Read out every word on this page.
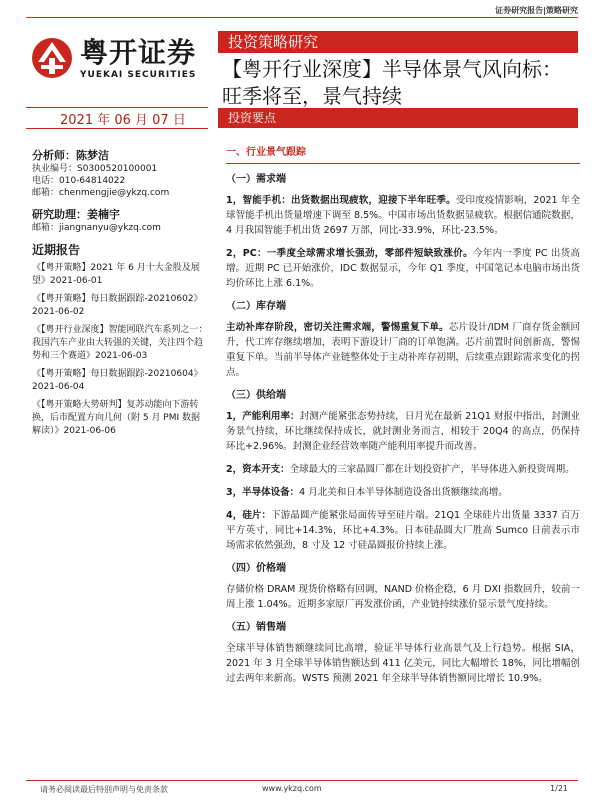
证券研究报告|策略研究
粤开证券
YUEKAI SECURITIES
投资策略研究
【粤开行业深度】半导体景气风向标：
旺季将至，景气持续
2021 年 06 月 07 日	投资要点
分析师：陈梦洁
执业编号：S0300520100001
电话：010-64814022
邮箱：chenmengjie@ykzq.com
研究助理：姜楠宇
邮箱：jiangnanyu@ykzq.com
近期报告
《【粤开策略】2021 年 6 月十大金股及展望》2021-06-01
《【粤开策略】每日数据跟踪-20210602》2021-06-02
《【粤开行业深度】智能网联汽车系列之一：我国汽车产业由大转强的关键，关注四个趋势和三个赛道》2021-06-03
《【粤开策略】每日数据跟踪-20210604》2021-06-04
《【粤开策略大势研判】复苏动能向下游转换，后市配置方向几何（附 5 月 PMI 数据解读）》2021-06-06
一、行业景气跟踪
（一）需求端
1，智能手机：出货数据出现疲软，迎接下半年旺季。受印度疫情影响，2021 年全球智能手机出货量增速下调至 8.5%。中国市场出货数据显疲软。根据信通院数据，4 月我国智能手机出货 2697 万部，同比-33.9%，环比-23.5%。
2，PC：一季度全球需求增长强劲，零部件短缺致涨价。今年内一季度 PC 出货高增。近期 PC 已开始涨价，IDC 数据显示，今年 Q1 季度，中国笔记本电脑市场出货均价环比上涨 6.1%。
（二）库存端
主动补库存阶段，密切关注需求端，警惕重复下单。芯片设计/IDM 厂商存货金额回升，代工库存继续增加，表明下游设计厂商的订单饱满。芯片前置时间创新高，警惕重复下单。当前半导体产业链整体处于主动补库存初期，后续重点跟踪需求变化的拐点。
（三）供给端
1，产能利用率：封测产能紧张态势持续，日月光在最新 21Q1 财报中指出，封测业务景气持续，环比继续保持成长，就封测业务而言，相较于 20Q4 的高点，仍保持环比+2.96%。封测企业经营效率随产能利用率提升而改善。
2，资本开支：全球最大的三家晶圆厂都在计划投资扩产，半导体进入新投资周期。
3，半导体设备：4 月北美和日本半导体制造设备出货额继续高增。
4，硅片：下游晶圆产能紧张局面传导至硅片端。21Q1 全球硅片出货量 3337 百万平方英寸，同比+14.3%，环比+4.3%。日本硅晶圆大厂胜高 Sumco 日前表示市场需求依然强劲，8 寸及 12 寸硅晶圆报价持续上涨。
（四）价格端
存储价格 DRAM 现货价格略有回调，NAND 价格企稳，6 月 DXI 指数回升，较前一周上涨 1.04%。近期多家原厂再发涨价函，产业链持续涨价显示景气度持续。
（五）销售端
全球半导体销售额继续同比高增，验证半导体行业高景气及上行趋势。根据 SIA，2021 年 3 月全球半导体销售额达到 411 亿美元，同比大幅增长 18%，同比增幅创过去两年来新高。WSTS 预测 2021 年全球半导体销售额同比增长 10.9%。
请务必阅读最后特别声明与免责条款	www.ykzq.com	1/21
